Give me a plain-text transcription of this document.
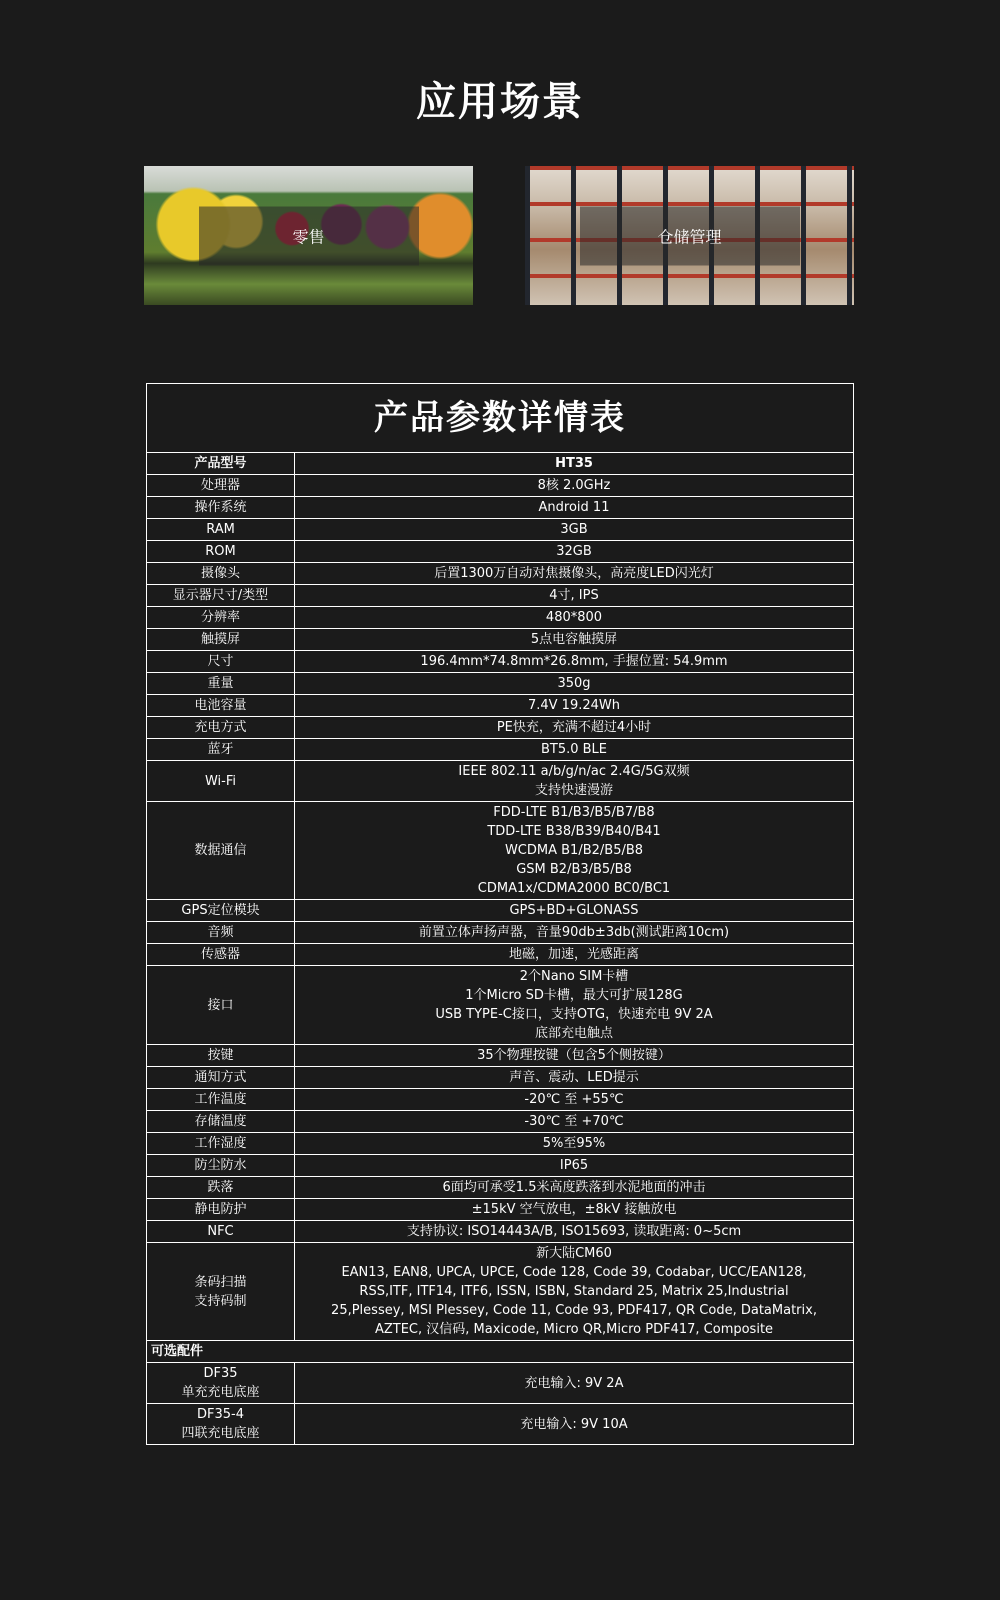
应用场景
零售	仓储管理
产品参数详情表
产品型号	HT35

处理器	8核 2.0GHz

操作系统	Android 11

RAM	3GB

ROM	32GB

摄像头	后置1300万自动对焦摄像头，高亮度LED闪光灯

显示器尺寸/类型	4寸, IPS

分辨率	480*800

触摸屏	5点电容触摸屏

尺寸	196.4mm*74.8mm*26.8mm, 手握位置: 54.9mm

重量	350g

电池容量	7.4V 19.24Wh

充电方式	PE快充，充满不超过4小时

蓝牙	BT5.0 BLE

Wi-Fi	IEEE 802.11 a/b/g/n/ac 2.4G/5G双频
支持快速漫游

数据通信	FDD-LTE B1/B3/B5/B7/B8
TDD-LTE B38/B39/B40/B41
WCDMA B1/B2/B5/B8
GSM B2/B3/B5/B8
CDMA1x/CDMA2000 BC0/BC1

GPS定位模块	GPS+BD+GLONASS

音频	前置立体声扬声器，音量90db±3db(测试距离10cm)

传感器	地磁，加速，光感距离

接口	2个Nano SIM卡槽
1个Micro SD卡槽，最大可扩展128G
USB TYPE-C接口，支持OTG，快速充电 9V 2A
底部充电触点

按键	35个物理按键（包含5个侧按键）

通知方式	声音、震动、LED提示

工作温度	-20℃ 至 +55℃

存储温度	-30℃ 至 +70℃

工作湿度	5%至95%

防尘防水	IP65

跌落	6面均可承受1.5米高度跌落到水泥地面的冲击

静电防护	±15kV 空气放电，±8kV 接触放电

NFC	支持协议: ISO14443A/B, ISO15693, 读取距离: 0~5cm

条码扫描
支持码制	新大陆CM60
EAN13, EAN8, UPCA, UPCE, Code 128, Code 39, Codabar, UCC/EAN128,
RSS,ITF, ITF14, ITF6, ISSN, ISBN, Standard 25, Matrix 25,Industrial
25,Plessey, MSI Plessey, Code 11, Code 93, PDF417, QR Code, DataMatrix,
AZTEC, 汉信码, Maxicode, Micro QR,Micro PDF417, Composite

可选配件	

DF35
单充充电底座	充电输入: 9V 2A

DF35-4
四联充电底座	充电输入: 9V 10A
